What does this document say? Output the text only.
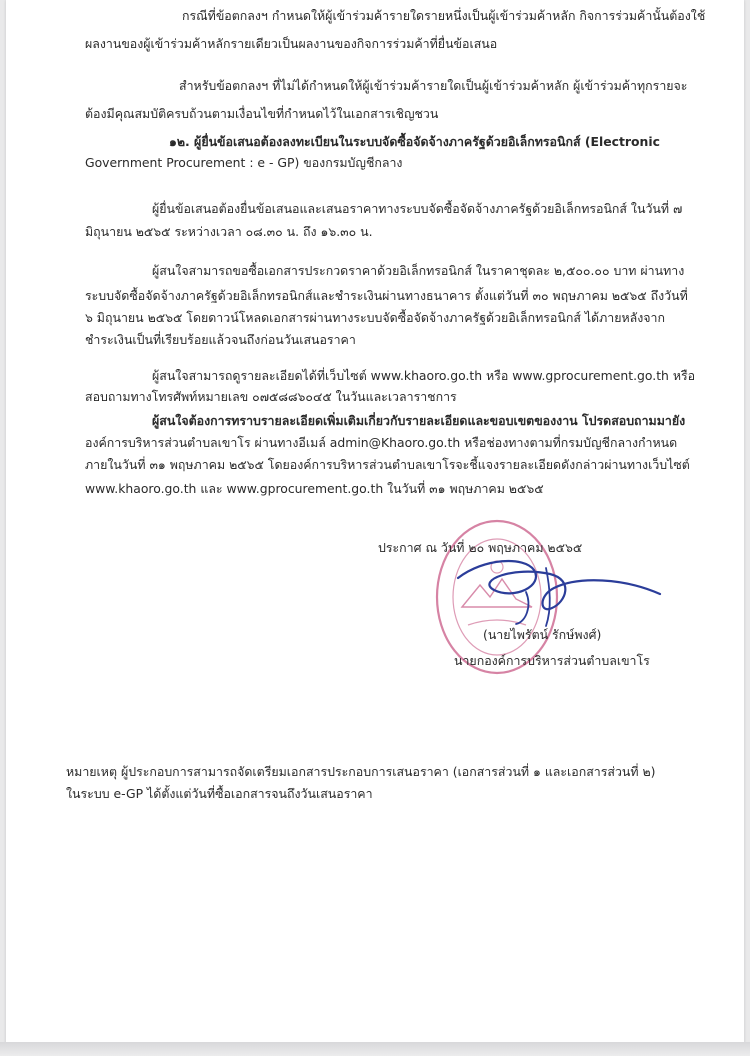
กรณีที่ข้อตกลงฯ กำหนดให้ผู้เข้าร่วมค้ารายใดรายหนึ่งเป็นผู้เข้าร่วมค้าหลัก กิจการร่วมค้านั้นต้องใช้
ผลงานของผู้เข้าร่วมค้าหลักรายเดียวเป็นผลงานของกิจการร่วมค้าที่ยื่นข้อเสนอ
สำหรับข้อตกลงฯ ที่ไม่ได้กำหนดให้ผู้เข้าร่วมค้ารายใดเป็นผู้เข้าร่วมค้าหลัก ผู้เข้าร่วมค้าทุกรายจะ
ต้องมีคุณสมบัติครบถ้วนตามเงื่อนไขที่กำหนดไว้ในเอกสารเชิญชวน
๑๒. ผู้ยื่นข้อเสนอต้องลงทะเบียนในระบบจัดซื้อจัดจ้างภาครัฐด้วยอิเล็กทรอนิกส์ (Electronic
Government Procurement : e - GP) ของกรมบัญชีกลาง
ผู้ยื่นข้อเสนอต้องยื่นข้อเสนอและเสนอราคาทางระบบจัดซื้อจัดจ้างภาครัฐด้วยอิเล็กทรอนิกส์ ในวันที่ ๗
มิถุนายน ๒๕๖๕ ระหว่างเวลา ๐๘.๓๐ น. ถึง ๑๖.๓๐ น.
ผู้สนใจสามารถขอซื้อเอกสารประกวดราคาด้วยอิเล็กทรอนิกส์ ในราคาชุดละ ๒,๕๐๐.๐๐ บาท ผ่านทาง
ระบบจัดซื้อจัดจ้างภาครัฐด้วยอิเล็กทรอนิกส์และชำระเงินผ่านทางธนาคาร ตั้งแต่วันที่ ๓๐ พฤษภาคม ๒๕๖๕ ถึงวันที่
๖ มิถุนายน ๒๕๖๕ โดยดาวน์โหลดเอกสารผ่านทางระบบจัดซื้อจัดจ้างภาครัฐด้วยอิเล็กทรอนิกส์ ได้ภายหลังจาก
ชำระเงินเป็นที่เรียบร้อยแล้วจนถึงก่อนวันเสนอราคา
ผู้สนใจสามารถดูรายละเอียดได้ที่เว็บไซต์ www.khaoro.go.th หรือ www.gprocurement.go.th หรือ
สอบถามทางโทรศัพท์หมายเลข ๐๗๕๘๘๖๐๔๕ ในวันและเวลาราชการ
ผู้สนใจต้องการทราบรายละเอียดเพิ่มเติมเกี่ยวกับรายละเอียดและขอบเขตของงาน โปรดสอบถามมายัง
องค์การบริหารส่วนตำบลเขาโร ผ่านทางอีเมล์ admin@Khaoro.go.th หรือช่องทางตามที่กรมบัญชีกลางกำหนด
ภายในวันที่ ๓๑ พฤษภาคม ๒๕๖๕ โดยองค์การบริหารส่วนตำบลเขาโรจะชี้แจงรายละเอียดดังกล่าวผ่านทางเว็บไซต์
www.khaoro.go.th และ www.gprocurement.go.th ในวันที่ ๓๑ พฤษภาคม ๒๕๖๕
ประกาศ ณ วันที่ ๒๐ พฤษภาคม ๒๕๖๕
(นายไพรัตน์ รักษ์พงศ์)
นายกองค์การบริหารส่วนตำบลเขาโร
หมายเหตุ ผู้ประกอบการสามารถจัดเตรียมเอกสารประกอบการเสนอราคา (เอกสารส่วนที่ ๑ และเอกสารส่วนที่ ๒)
ในระบบ e-GP ได้ตั้งแต่วันที่ซื้อเอกสารจนถึงวันเสนอราคา
